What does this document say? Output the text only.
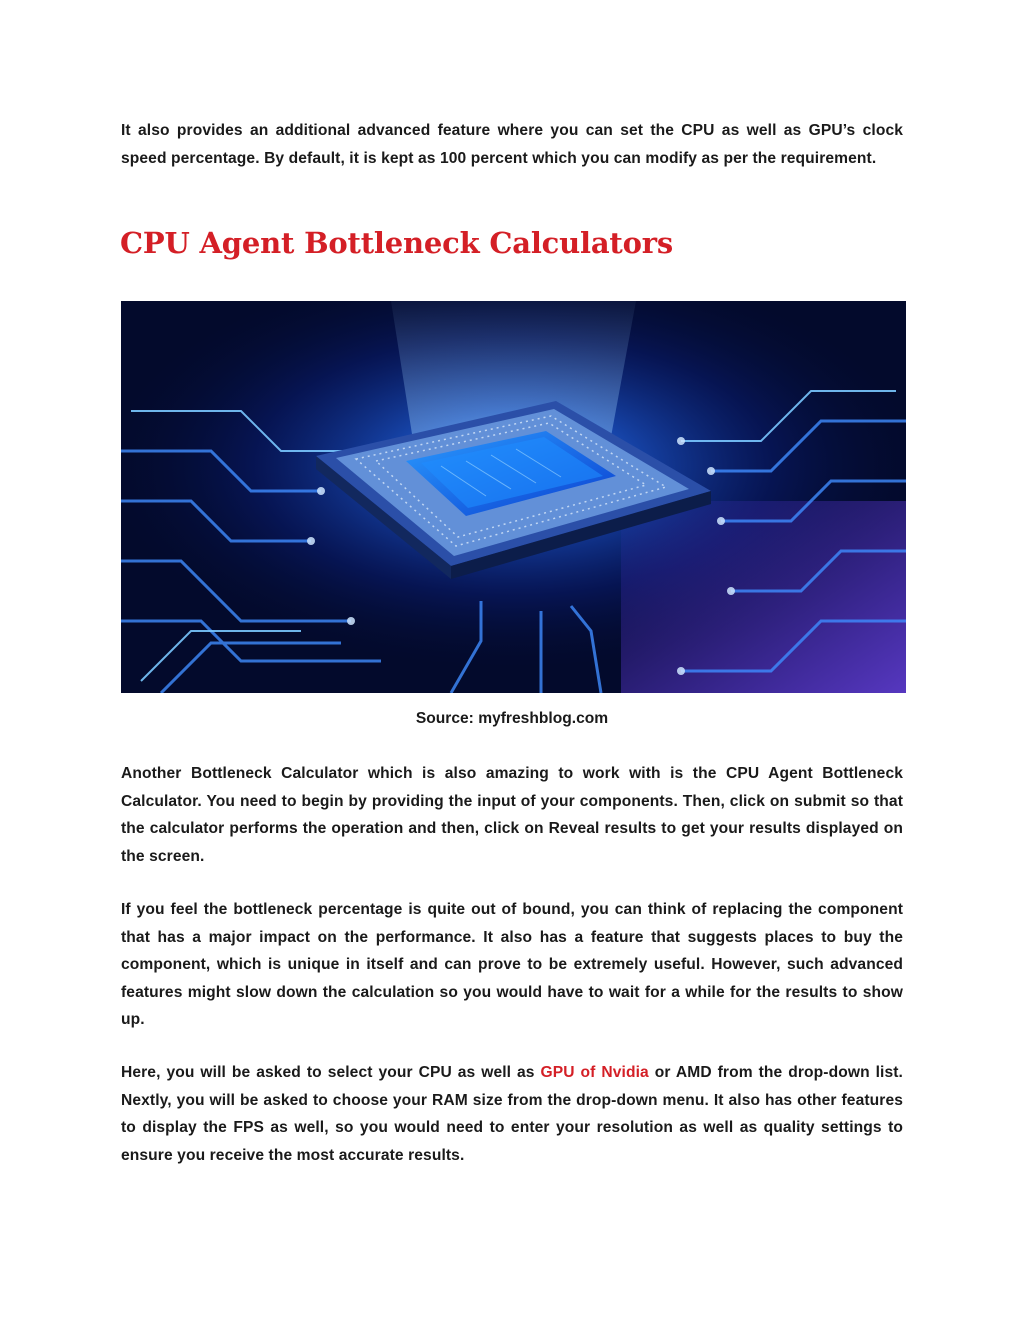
It also provides an additional advanced feature where you can set the CPU as well as GPU’s clock speed percentage. By default, it is kept as 100 percent which you can modify as per the requirement.

CPU Agent Bottleneck Calculators

Source: myfreshblog.com

Another Bottleneck Calculator which is also amazing to work with is the CPU Agent Bottleneck Calculator. You need to begin by providing the input of your components. Then, click on submit so that the calculator performs the operation and then, click on Reveal results to get your results displayed on the screen.

If you feel the bottleneck percentage is quite out of bound, you can think of replacing the component that has a major impact on the performance. It also has a feature that suggests places to buy the component, which is unique in itself and can prove to be extremely useful. However, such advanced features might slow down the calculation so you would have to wait for a while for the results to show up.

Here, you will be asked to select your CPU as well as GPU of Nvidia or AMD from the drop-down list. Nextly, you will be asked to choose your RAM size from the drop-down menu. It also has other features to display the FPS as well, so you would need to enter your resolution as well as quality settings to ensure you receive the most accurate results.
